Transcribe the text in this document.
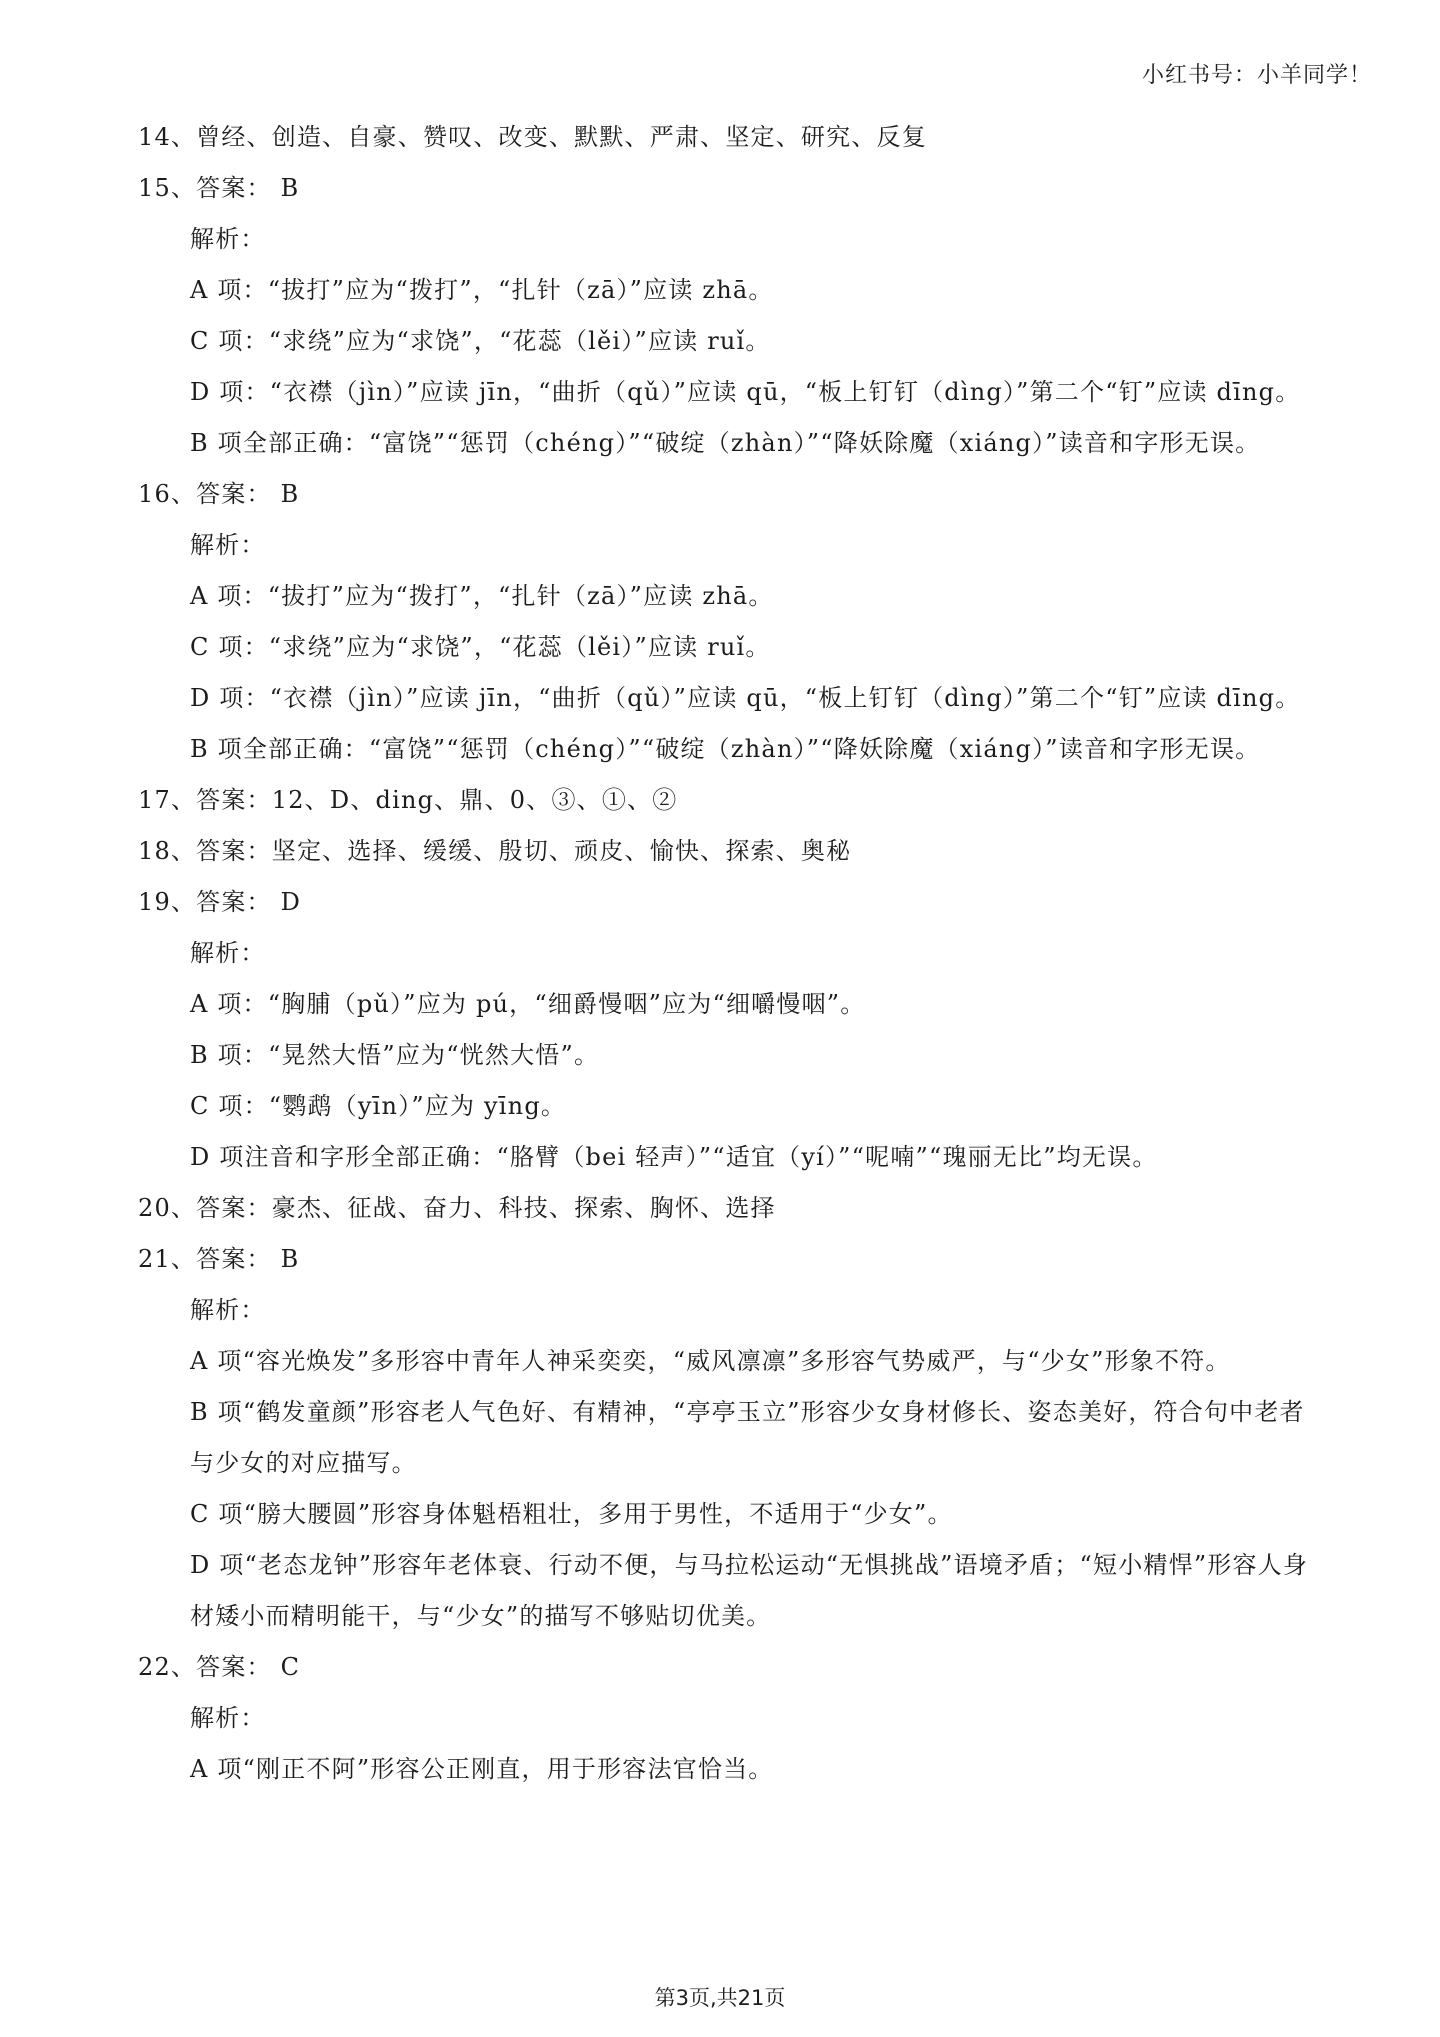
小红书号：小羊同学！
14、曾经、创造、自豪、赞叹、改变、默默、严肃、坚定、研究、反复
15、答案： B
解析：
A 项：“拔打”应为“拨打”，“扎针（zā）”应读 zhā。
C 项：“求绕”应为“求饶”，“花蕊（lěi）”应读 ruǐ。
D 项：“衣襟（jìn）”应读 jīn，“曲折（qǔ）”应读 qū，“板上钉钉（dìng）”第二个“钉”应读 dīng。
B 项全部正确：“富饶”“惩罚（chéng）”“破绽（zhàn）”“降妖除魔（xiáng）”读音和字形无误。
16、答案： B
解析：
A 项：“拔打”应为“拨打”，“扎针（zā）”应读 zhā。
C 项：“求绕”应为“求饶”，“花蕊（lěi）”应读 ruǐ。
D 项：“衣襟（jìn）”应读 jīn，“曲折（qǔ）”应读 qū，“板上钉钉（dìng）”第二个“钉”应读 dīng。
B 项全部正确：“富饶”“惩罚（chéng）”“破绽（zhàn）”“降妖除魔（xiáng）”读音和字形无误。
17、答案：12、D、ding、鼎、0、③、①、②
18、答案：坚定、选择、缓缓、殷切、顽皮、愉快、探索、奥秘
19、答案： D
解析：
A 项：“胸脯（pǔ）”应为 pú，“细爵慢咽”应为“细嚼慢咽”。
B 项：“晃然大悟”应为“恍然大悟”。
C 项：“鹦鹉（yīn）”应为 yīng。
D 项注音和字形全部正确：“胳臂（bei 轻声）”“适宜（yí）”“呢喃”“瑰丽无比”均无误。
20、答案：豪杰、征战、奋力、科技、探索、胸怀、选择
21、答案： B
解析：
A 项“容光焕发”多形容中青年人神采奕奕，“威风凛凛”多形容气势威严，与“少女”形象不符。
B 项“鹤发童颜”形容老人气色好、有精神，“亭亭玉立”形容少女身材修长、姿态美好，符合句中老者与少女的对应描写。
C 项“膀大腰圆”形容身体魁梧粗壮，多用于男性，不适用于“少女”。
D 项“老态龙钟”形容年老体衰、行动不便，与马拉松运动“无惧挑战”语境矛盾；“短小精悍”形容人身材矮小而精明能干，与“少女”的描写不够贴切优美。
22、答案： C
解析：
A 项“刚正不阿”形容公正刚直，用于形容法官恰当。
第3页,共21页
